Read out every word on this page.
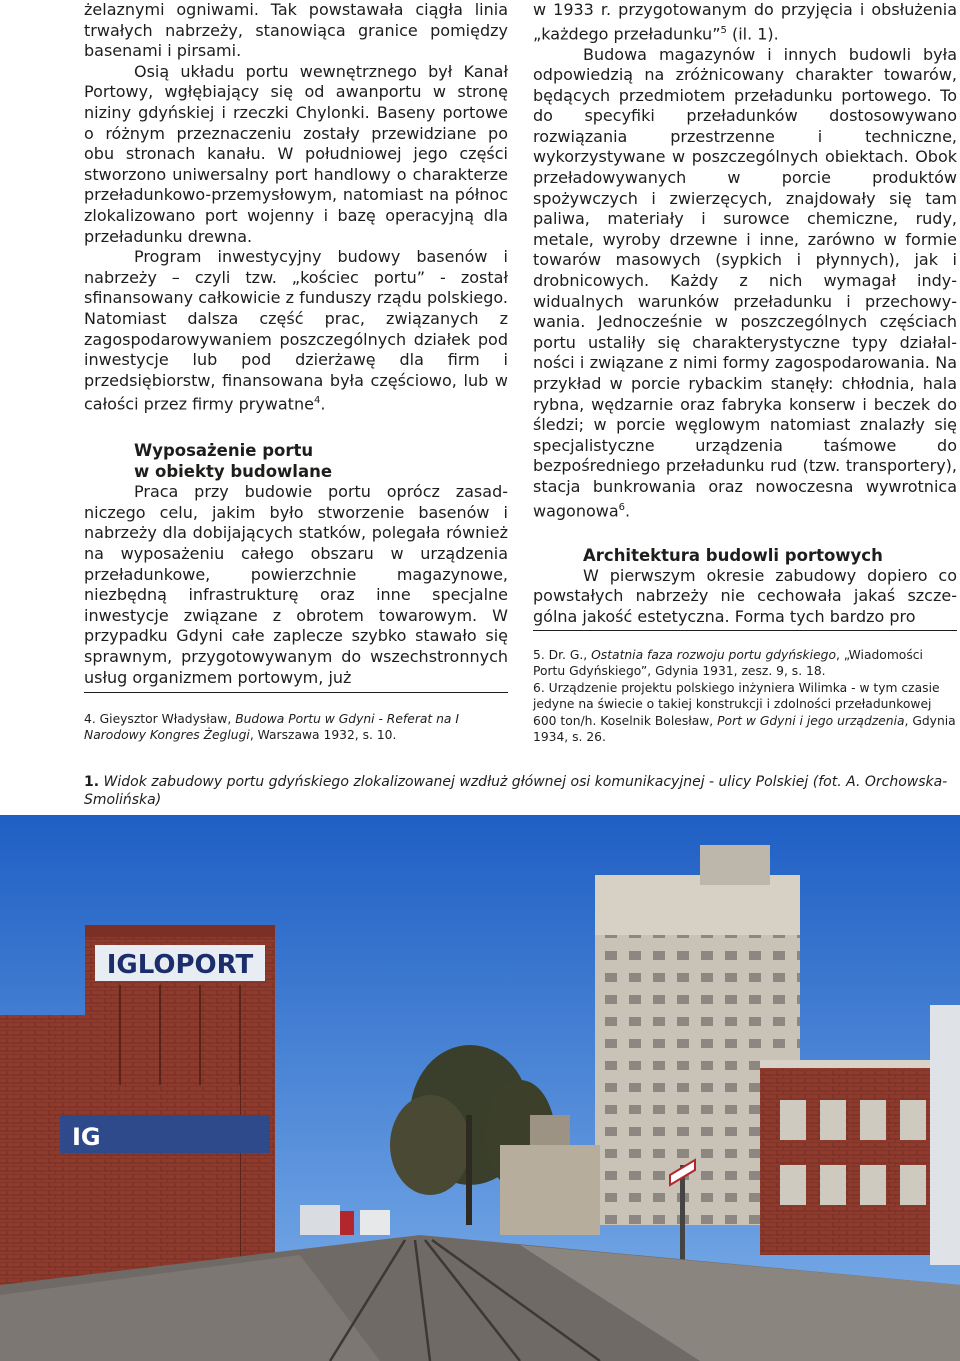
żelaznymi ogniwami. Tak powstawała ciągła linia trwałych nabrzeży, stanowiąca granice pomiędzy basenami i pirsami.

Osią układu portu wewnętrznego był Kanał Portowy, wgłębiający się od awanportu w stronę niziny gdyńskiej i rzeczki Chylonki. Baseny portowe o różnym przeznaczeniu zostały przewidziane po obu stronach kanału. W południowej jego części stworzono uniwersalny port handlowy o charakterze przeładunkowo-przemysłowym, natomiast na północ zlokalizowano port wojenny i bazę operacyjną dla przeładunku drewna.

Program inwestycyjny budowy basenów i nabrzeży – czyli tzw. „kościec portu” - został sfinansowany całkowicie z funduszy rządu polskiego. Natomiast dalsza część prac, związanych z zagospodarowywaniem poszczególnych działek pod inwestycje lub pod dzierżawę dla firm i przedsiębiorstw, finansowana była częściowo, lub w całości przez firmy prywatne$^4$.

Wyposażenie portu
w obiekty budowlane

Praca przy budowie portu oprócz zasadniczego celu, jakim było stworzenie basenów i nabrzeży dla dobijających statków, polegała również na wyposażeniu całego obszaru w urządzenia przeładunkowe, powierzchnie magazynowe, niezbędną infrastrukturę oraz inne specjalne inwestycje związane z obrotem towarowym. W przypadku Gdyni całe zaplecze szybko stawało się sprawnym, przygotowywanym do wszechstronnych usług organizmem portowym, już

4. Gieysztor Władysław, Budowa Portu w Gdyni - Referat na I Narodowy Kongres Żeglugi, Warszawa 1932, s. 10.

w 1933 r. przygotowanym do przyjęcia i obsłużenia „każdego przeładunku”$^5$ (il. 1).

Budowa magazynów i innych budowli była odpowiedzią na zróżnicowany charakter towarów, będących przedmiotem przeładunku portowego. To do specyfiki przeładunków dostosowywano rozwiązania przestrzenne i techniczne, wykorzystywane w poszczególnych obiektach. Obok przeładowywanych w porcie produktów spożywczych i zwierzęcych, znajdowały się tam paliwa, materiały i surowce chemiczne, rudy, metale, wyroby drzewne i inne, zarówno w formie towarów masowych (sypkich i płynnych), jak i drobnicowych. Każdy z nich wymagał indywidualnych warunków przeładunku i przechowywania. Jednocześnie w poszczególnych częściach portu ustaliły się charakterystyczne typy działalności i związane z nimi formy zagospodarowania. Na przykład w porcie rybackim stanęły: chłodnia, hala rybna, wędzarnie oraz fabryka konserw i beczek do śledzi; w porcie węglowym natomiast znalazły się specjalistyczne urządzenia taśmowe do bezpośredniego przeładunku rud (tzw. transportery), stacja bunkrowania oraz nowoczesna wywrotnica wagonowa$^6$.

Architektura budowli portowych

W pierwszym okresie zabudowy dopiero co powstałych nabrzeży nie cechowała jakaś szczególna jakość estetyczna. Forma tych bardzo pro

5. Dr. G., Ostatnia faza rozwoju portu gdyńskiego, „Wiadomości Portu Gdyńskiego”, Gdynia 1931, zesz. 9, s. 18.

6. Urządzenie projektu polskiego inżyniera Wilimka - w tym czasie jedyne na świecie o takiej konstrukcji i zdolności przeładunkowej 600 ton/h. Koselnik Bolesław, Port w Gdyni i jego urządzenia, Gdynia 1934, s. 26.

1. Widok zabudowy portu gdyńskiego zlokalizowanej wzdłuż głównej osi komunikacyjnej - ulicy Polskiej (fot. A. Orchowska-Smolińska)
IGLOPORT
IG
